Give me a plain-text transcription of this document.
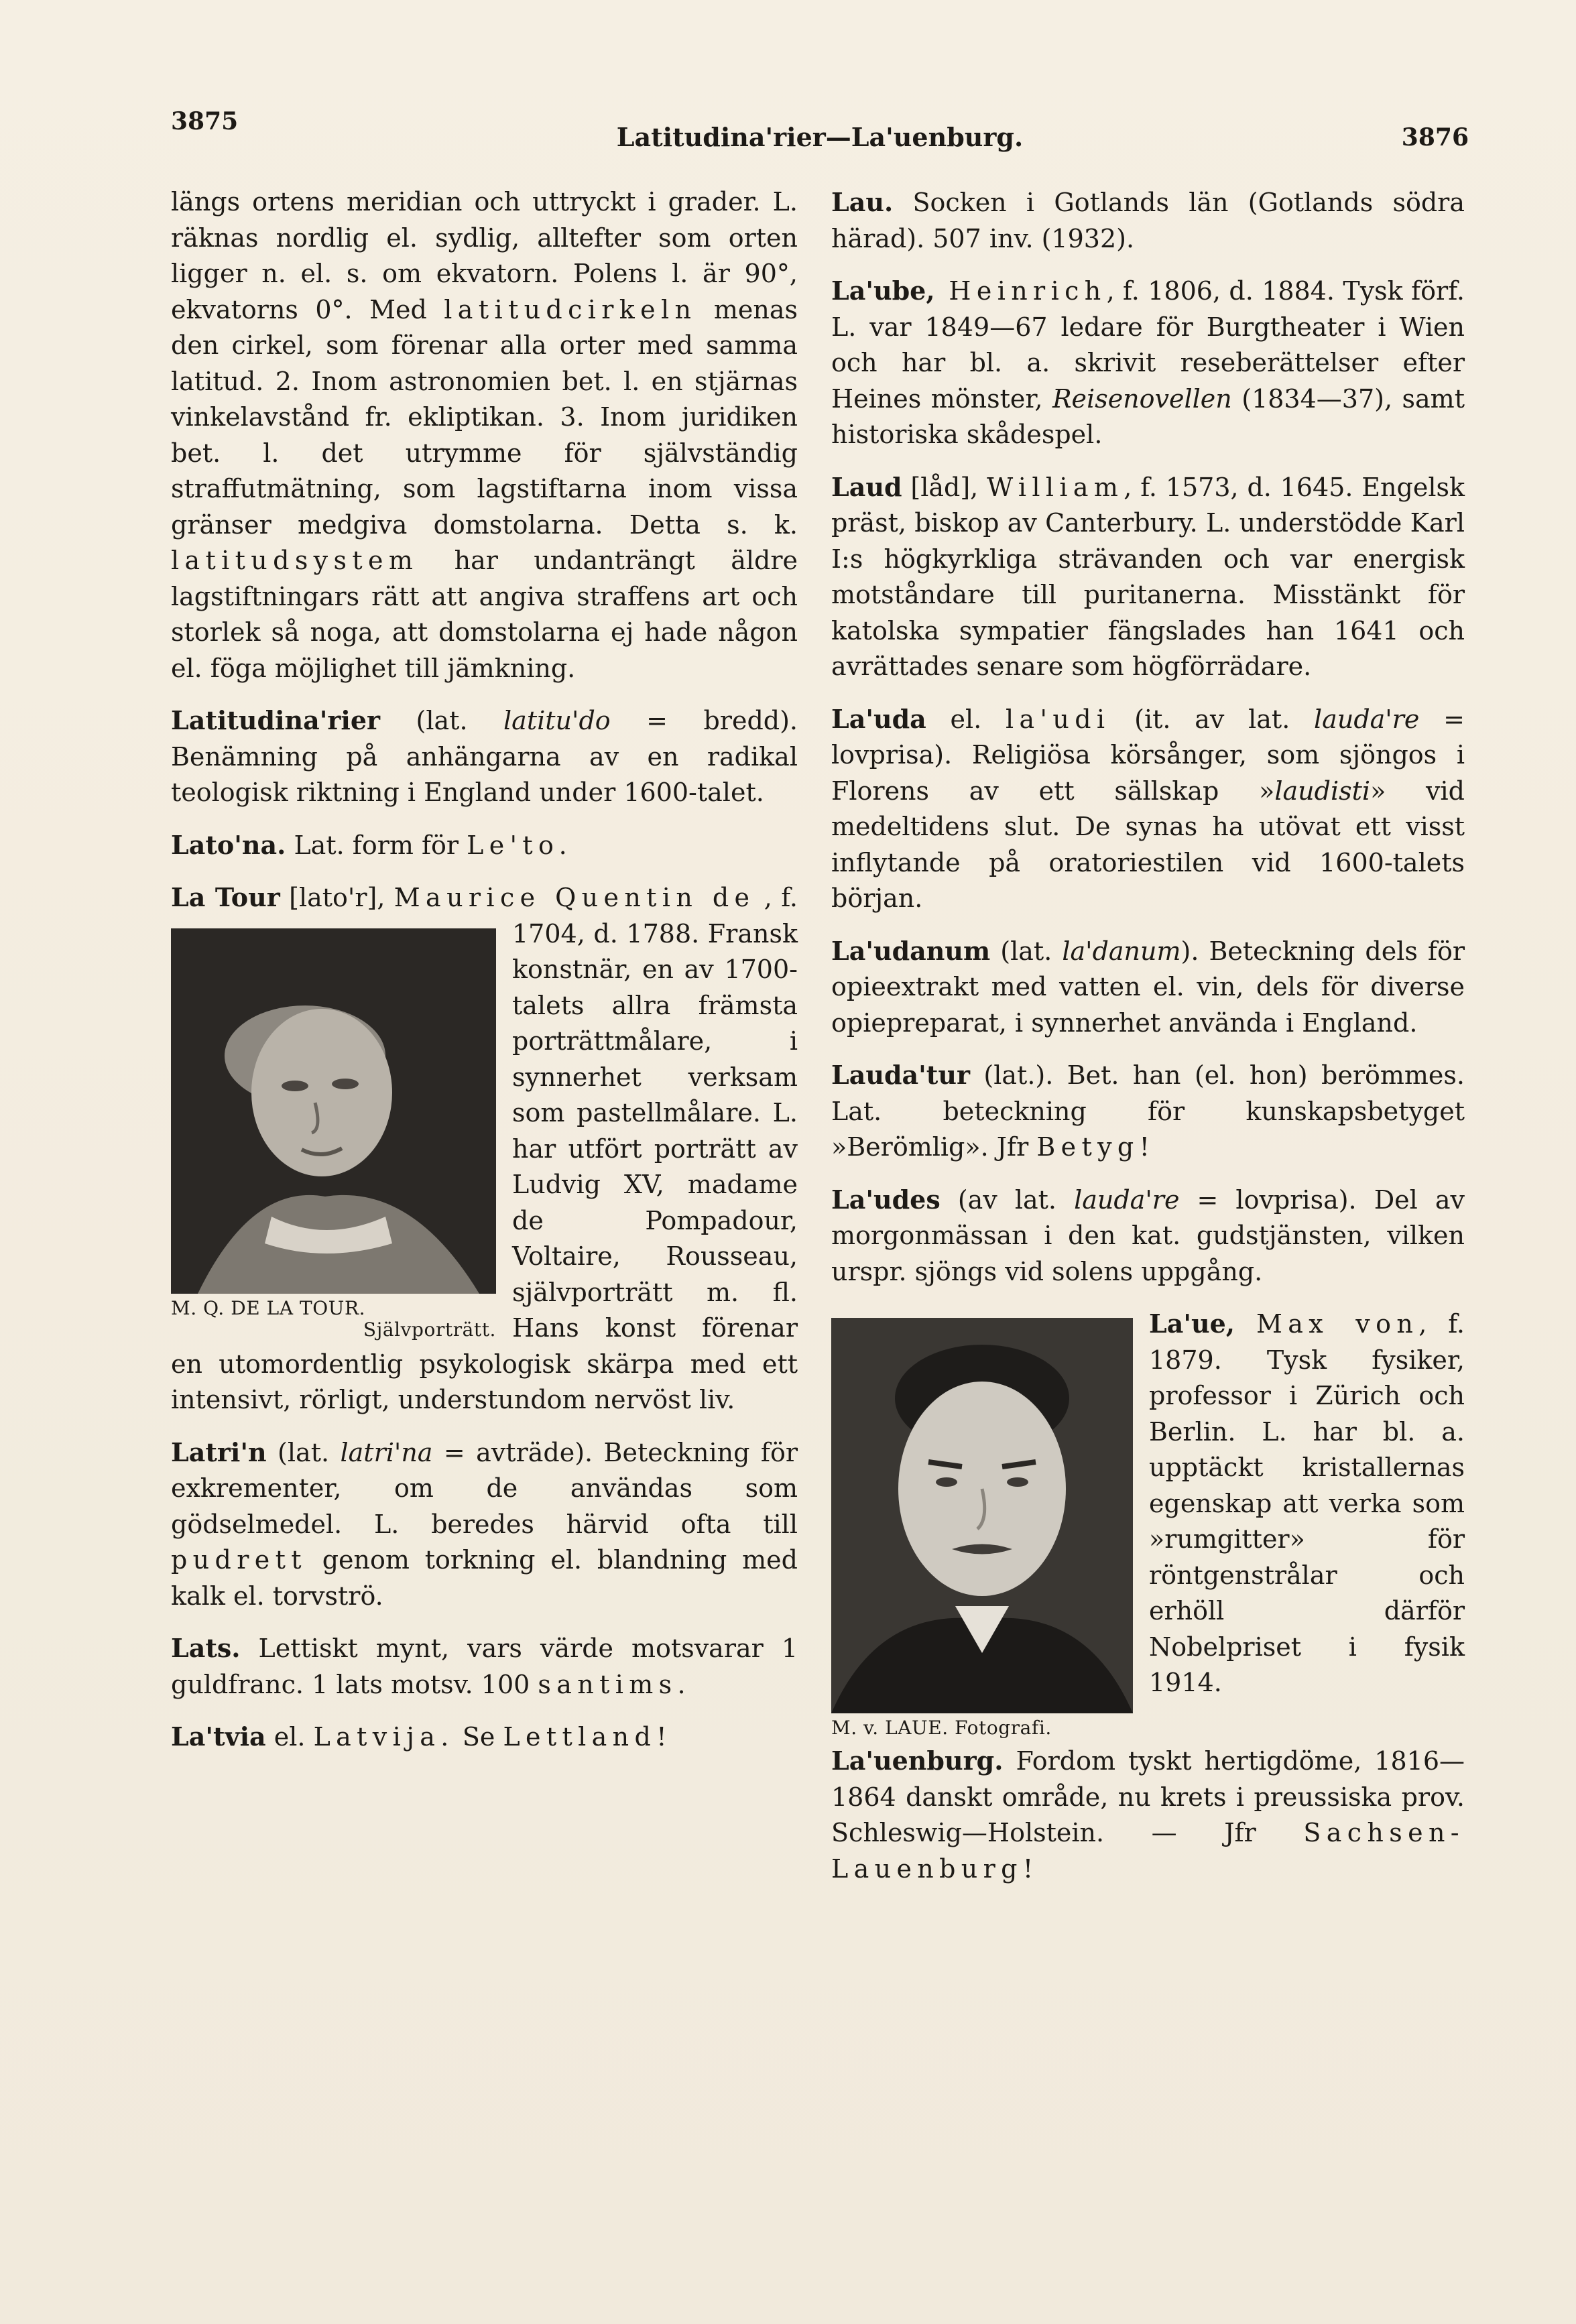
3875
Latitudina'rier—La'uenburg.	3876

längs ortens meridian och uttryckt i grader. L. räknas nordlig el. sydlig, alltefter som orten ligger n. el. s. om ekvatorn. Polens l. är 90°, ekvatorns 0°. Med latitudcirkeln menas den cirkel, som förenar alla orter med samma latitud. 2. Inom astronomien bet. l. en stjärnas vinkelavstånd fr. ekliptikan. 3. Inom juridiken bet. l. det utrymme för självständig straffutmätning, som lagstiftarna inom vissa gränser medgiva domstolarna. Detta s. k. latitudsystem har undanträngt äldre lagstiftningars rätt att angiva straffens art och storlek så noga, att domstolarna ej hade någon el. föga möjlighet till jämkning.

Latitudina'rier (lat. latitu'do = bredd). Benämning på anhängarna av en radikal teologisk riktning i England under 1600-talet.

Lato'na. Lat. form för Le'to.

La Tour [lato'r], Maurice Quentin de
M. Q. DE LA TOUR.
Självporträtt.
, f. 1704, d. 1788. Fransk konstnär, en av 1700-talets allra främsta porträttmålare, i synnerhet verksam som pastellmålare. L. har utfört porträtt av Ludvig XV, madame de Pompadour, Voltaire, Rousseau, självporträtt m. fl. Hans konst förenar en utomordentlig psykologisk skärpa med ett intensivt, rörligt, understundom nervöst liv.

Latri'n (lat. latri'na = avträde). Beteckning för exkrementer, om de användas som gödselmedel. L. beredes härvid ofta till pudrett genom torkning el. blandning med kalk el. torvströ.

Lats. Lettiskt mynt, vars värde motsvarar 1 guldfranc. 1 lats motsv. 100 santims.

La'tvia el. Latvija. Se Lettland!

Lau. Socken i Gotlands län (Gotlands södra härad). 507 inv. (1932).

La'ube, Heinrich, f. 1806, d. 1884. Tysk förf. L. var 1849—67 ledare för Burgtheater i Wien och har bl. a. skrivit reseberättelser efter Heines mönster, Reisenovellen (1834—37), samt historiska skådespel.

Laud [låd], William, f. 1573, d. 1645. Engelsk präst, biskop av Canterbury. L. understödde Karl I:s högkyrkliga strävanden och var energisk motståndare till puritanerna. Misstänkt för katolska sympatier fängslades han 1641 och avrättades senare som högförrädare.

La'uda el. la'udi (it. av lat. lauda're = lovprisa). Religiösa körsånger, som sjöngos i Florens av ett sällskap »laudisti» vid medeltidens slut. De synas ha utövat ett visst inflytande på oratoriestilen vid 1600-talets början.

La'udanum (lat. la'danum). Beteckning dels för opieextrakt med vatten el. vin, dels för diverse opiepreparat, i synnerhet använda i England.

Lauda'tur (lat.). Bet. han (el. hon) berömmes. Lat. beteckning för kunskapsbetyget »Berömlig». Jfr Betyg!

La'udes (av lat. lauda're = lovprisa). Del av morgonmässan i den kat. gudstjänsten, vilken urspr. sjöngs vid solens uppgång.

M. v. LAUE. Fotografi.
La'ue, Max von, f. 1879. Tysk fysiker, professor i Zürich och Berlin. L. har bl. a. upptäckt kristallernas egenskap att verka som »rumgitter» för röntgenstrålar och erhöll därför Nobelpriset i fysik 1914.

La'uenburg. Fordom tyskt hertigdöme, 1816—1864 danskt område, nu krets i preussiska prov. Schleswig—Holstein. — Jfr Sachsen-Lauenburg!
